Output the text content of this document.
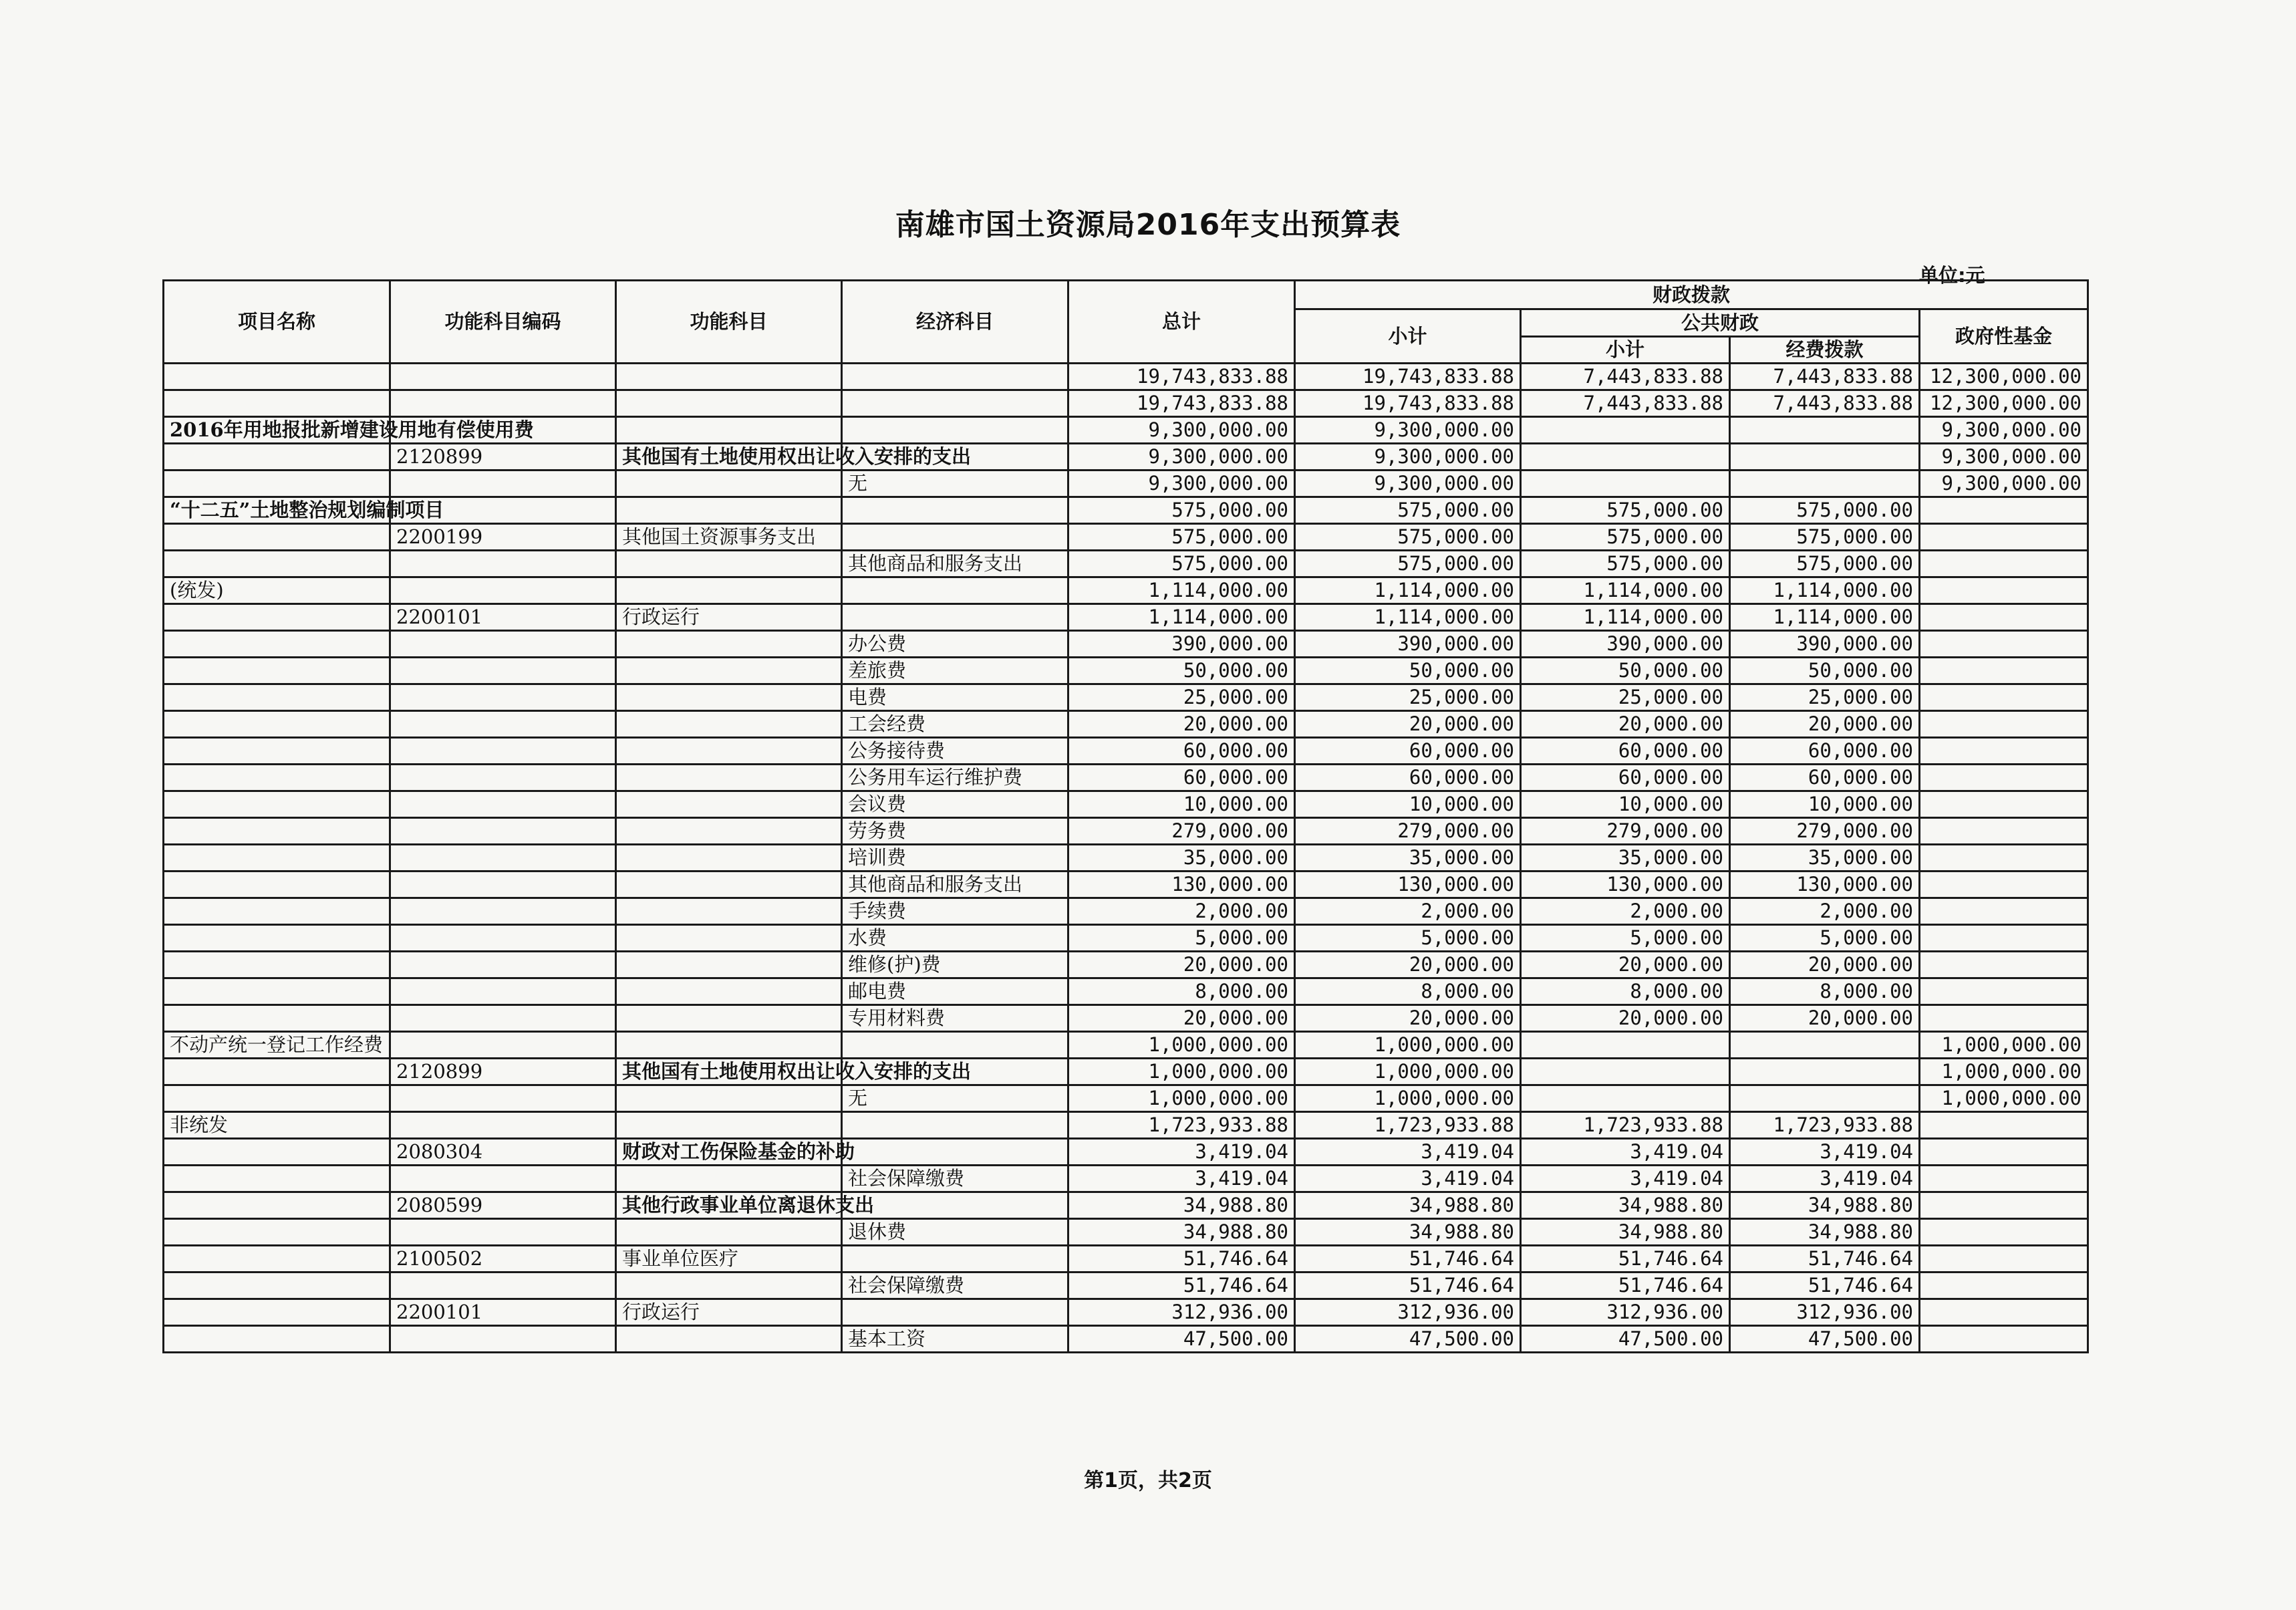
南雄市国土资源局2016年支出预算表
单位:元
项目名称	功能科目编码	功能科目	经济科目	总计	财政拨款			
					小计	公共财政		政府性基金
						小计	经费拨款	
				19,743,833.88	19,743,833.88	7,443,833.88	7,443,833.88	12,300,000.00
				19,743,833.88	19,743,833.88	7,443,833.88	7,443,833.88	12,300,000.00
2016年用地报批新增建设用地有偿使用费				9,300,000.00	9,300,000.00			9,300,000.00
	2120899	其他国有土地使用权出让收入安排的支出		9,300,000.00	9,300,000.00			9,300,000.00
			无	9,300,000.00	9,300,000.00			9,300,000.00
“十二五”土地整治规划编制项目				575,000.00	575,000.00	575,000.00	575,000.00	
	2200199	其他国土资源事务支出		575,000.00	575,000.00	575,000.00	575,000.00	
			其他商品和服务支出	575,000.00	575,000.00	575,000.00	575,000.00	
(统发)				1,114,000.00	1,114,000.00	1,114,000.00	1,114,000.00	
	2200101	行政运行		1,114,000.00	1,114,000.00	1,114,000.00	1,114,000.00	
			办公费	390,000.00	390,000.00	390,000.00	390,000.00	
			差旅费	50,000.00	50,000.00	50,000.00	50,000.00	
			电费	25,000.00	25,000.00	25,000.00	25,000.00	
			工会经费	20,000.00	20,000.00	20,000.00	20,000.00	
			公务接待费	60,000.00	60,000.00	60,000.00	60,000.00	
			公务用车运行维护费	60,000.00	60,000.00	60,000.00	60,000.00	
			会议费	10,000.00	10,000.00	10,000.00	10,000.00	
			劳务费	279,000.00	279,000.00	279,000.00	279,000.00	
			培训费	35,000.00	35,000.00	35,000.00	35,000.00	
			其他商品和服务支出	130,000.00	130,000.00	130,000.00	130,000.00	
			手续费	2,000.00	2,000.00	2,000.00	2,000.00	
			水费	5,000.00	5,000.00	5,000.00	5,000.00	
			维修(护)费	20,000.00	20,000.00	20,000.00	20,000.00	
			邮电费	8,000.00	8,000.00	8,000.00	8,000.00	
			专用材料费	20,000.00	20,000.00	20,000.00	20,000.00	
不动产统一登记工作经费				1,000,000.00	1,000,000.00			1,000,000.00
	2120899	其他国有土地使用权出让收入安排的支出		1,000,000.00	1,000,000.00			1,000,000.00
			无	1,000,000.00	1,000,000.00			1,000,000.00
非统发				1,723,933.88	1,723,933.88	1,723,933.88	1,723,933.88	
	2080304	财政对工伤保险基金的补助		3,419.04	3,419.04	3,419.04	3,419.04	
			社会保障缴费	3,419.04	3,419.04	3,419.04	3,419.04	
	2080599	其他行政事业单位离退休支出		34,988.80	34,988.80	34,988.80	34,988.80	
			退休费	34,988.80	34,988.80	34,988.80	34,988.80	
	2100502	事业单位医疗		51,746.64	51,746.64	51,746.64	51,746.64	
			社会保障缴费	51,746.64	51,746.64	51,746.64	51,746.64	
	2200101	行政运行		312,936.00	312,936.00	312,936.00	312,936.00	
			基本工资	47,500.00	47,500.00	47,500.00	47,500.00	
第1页，共2页
